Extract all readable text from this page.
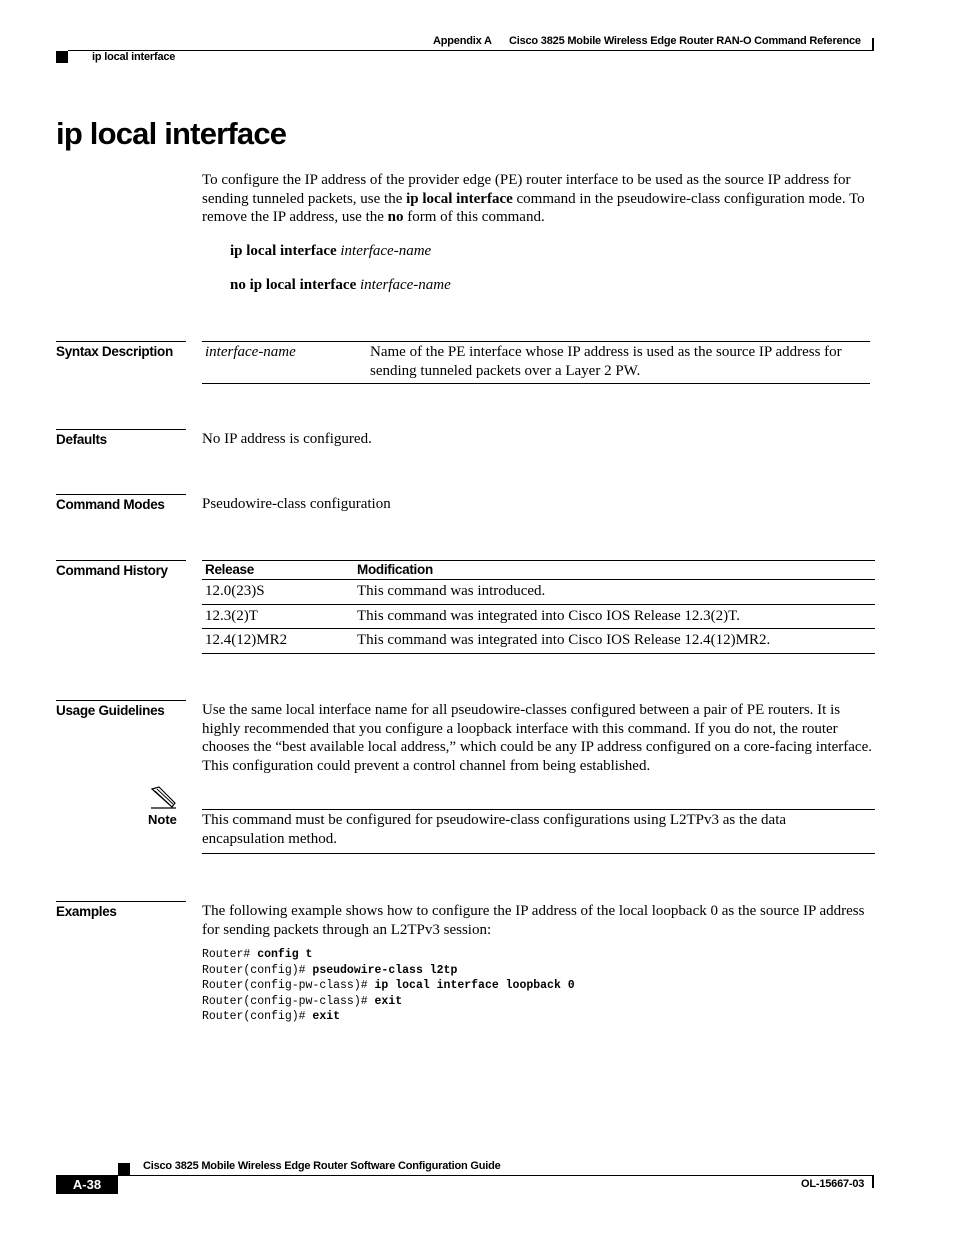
Appendix A Cisco 3825 Mobile Wireless Edge Router RAN-O Command Reference
ip local interface
ip local interface
To configure the IP address of the provider edge (PE) router interface to be used as the source IP address for sending tunneled packets, use the ip local interface command in the pseudowire-class configuration mode. To remove the IP address, use the no form of this command.
ip local interface interface-name
no ip local interface interface-name
Syntax Description	interface-name	Name of the PE interface whose IP address is used as the source IP address for sending tunneled packets over a Layer 2 PW.
Defaults	No IP address is configured.
Command Modes	Pseudowire-class configuration
Command History	Release	Modification
12.0(23)S	This command was introduced.
12.3(2)T	This command was integrated into Cisco IOS Release 12.3(2)T.
12.4(12)MR2	This command was integrated into Cisco IOS Release 12.4(12)MR2.
Usage Guidelines	Use the same local interface name for all pseudowire-classes configured between a pair of PE routers. It is highly recommended that you configure a loopback interface with this command. If you do not, the router chooses the “best available local address,” which could be any IP address configured on a core-facing interface. This configuration could prevent a control channel from being established.
Note This command must be configured for pseudowire-class configurations using L2TPv3 as the data encapsulation method.
Examples	The following example shows how to configure the IP address of the local loopback 0 as the source IP address for sending packets through an L2TPv3 session:
Router# config t
Router(config)# pseudowire-class l2tp
Router(config-pw-class)# ip local interface loopback 0
Router(config-pw-class)# exit
Router(config)# exit
Cisco 3825 Mobile Wireless Edge Router Software Configuration Guide
A-38	OL-15667-03
